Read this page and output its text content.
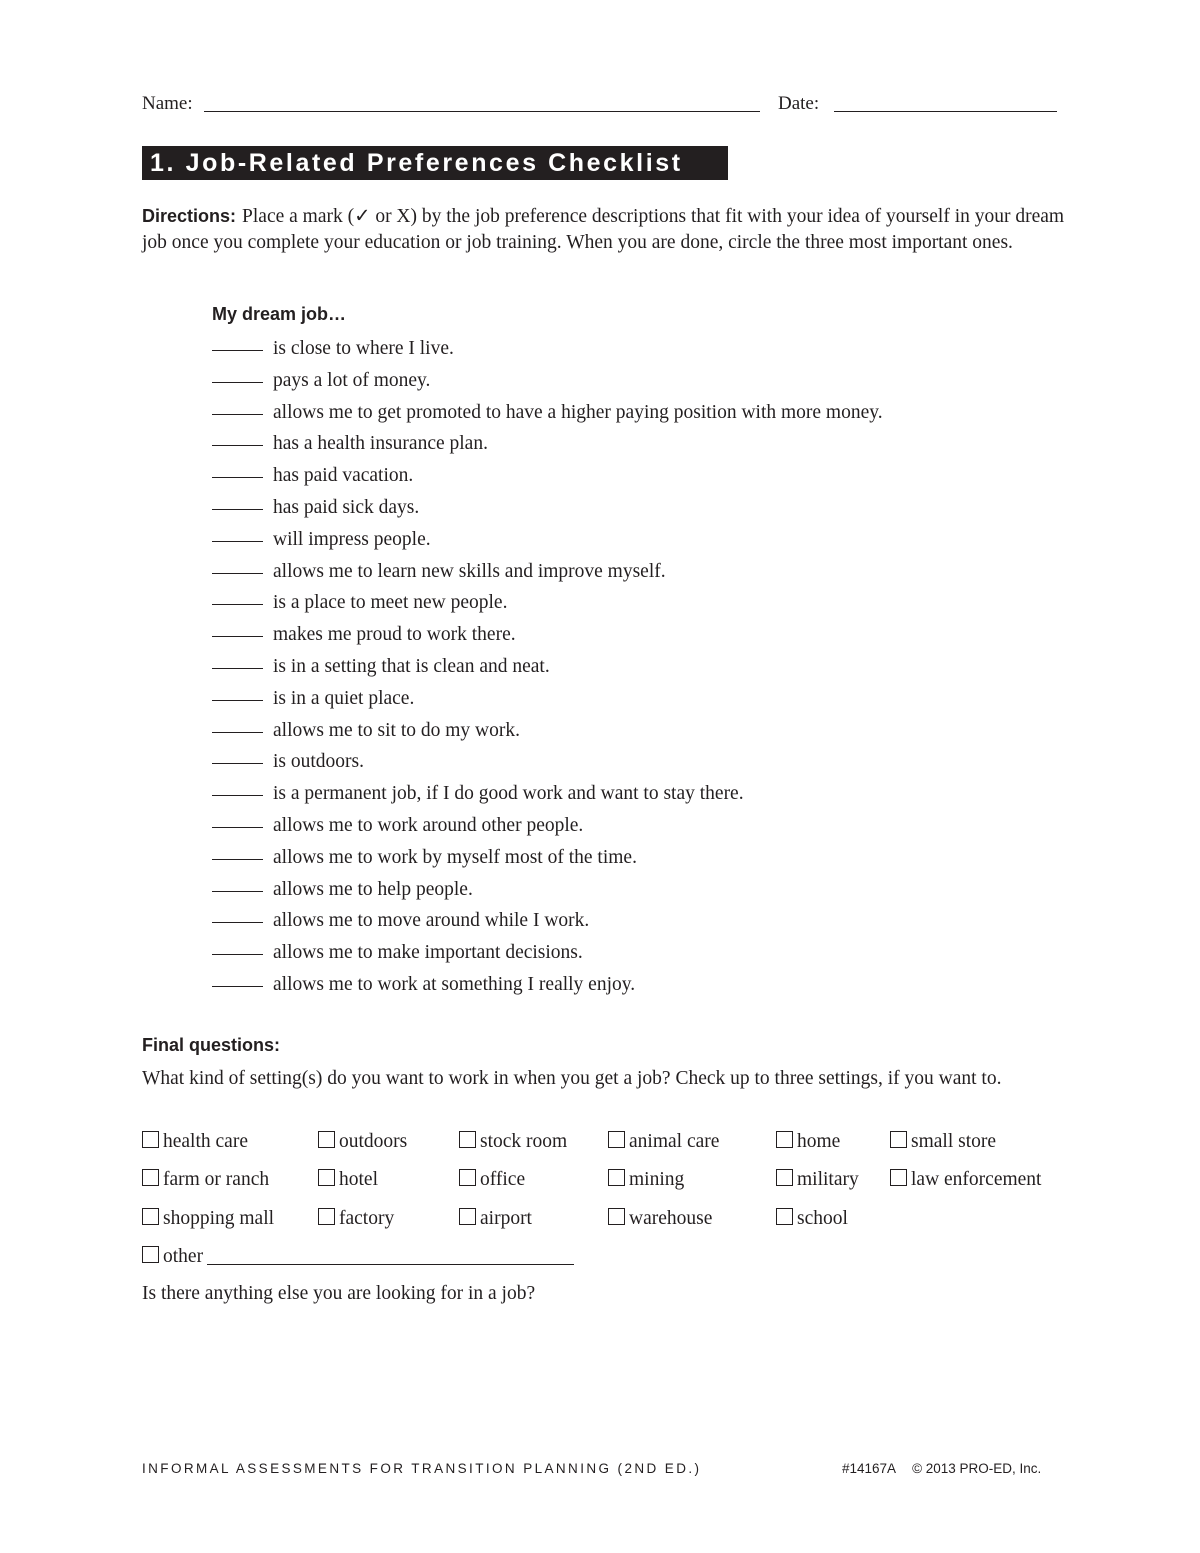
Name:	Date:
1. Job-Related Preferences Checklist
Directions: Place a mark (✓ or X) by the job preference descriptions that fit with your idea of yourself in your dream job once you complete your education or job training. When you are done, circle the three most important ones.
My dream job…
is close to where I live.
pays a lot of money.
allows me to get promoted to have a higher paying position with more money.
has a health insurance plan.
has paid vacation.
has paid sick days.
will impress people.
allows me to learn new skills and improve myself.
is a place to meet new people.
makes me proud to work there.
is in a setting that is clean and neat.
is in a quiet place.
allows me to sit to do my work.
is outdoors.
is a permanent job, if I do good work and want to stay there.
allows me to work around other people.
allows me to work by myself most of the time.
allows me to help people.
allows me to move around while I work.
allows me to make important decisions.
allows me to work at something I really enjoy.
Final questions:
What kind of setting(s) do you want to work in when you get a job? Check up to three settings, if you want to.
health care	outdoors	stock room	animal care	home	small store
farm or ranch	hotel	office	mining	military	law enforcement
shopping mall	factory	airport	warehouse	school
other
Is there anything else you are looking for in a job?
INFORMAL ASSESSMENTS FOR TRANSITION PLANNING (2ND ED.)	#14167A © 2013 PRO-ED, Inc.
